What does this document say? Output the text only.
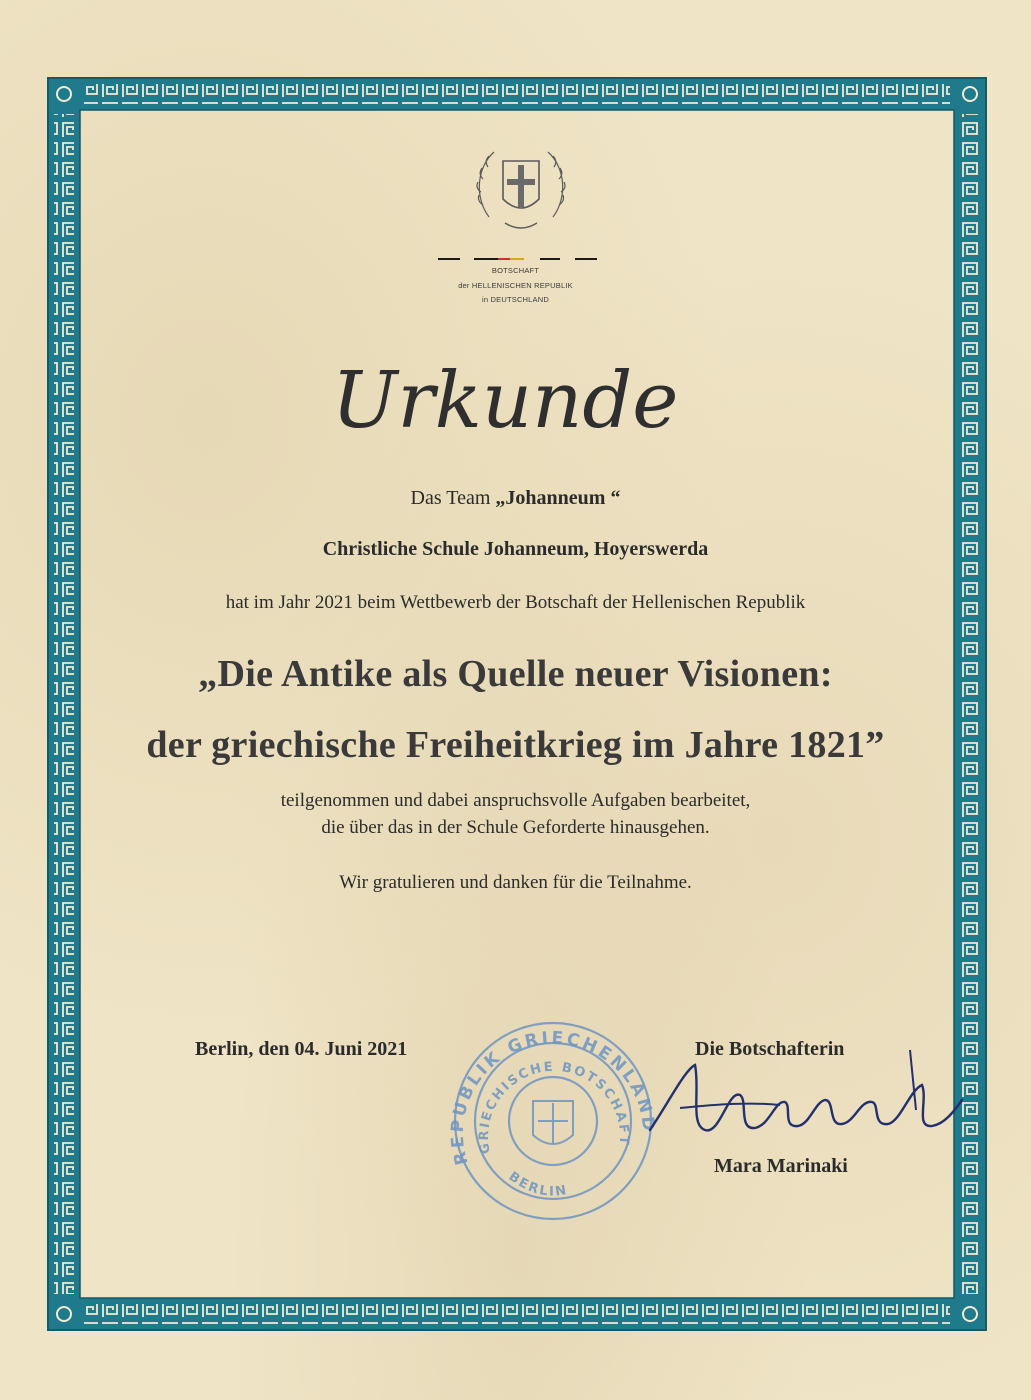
BOTSCHAFT
der HELLENISCHEN REPUBLIK
in DEUTSCHLAND
Urkunde
Das Team „Johanneum “
Christliche Schule Johanneum, Hoyerswerda
hat im Jahr 2021 beim Wettbewerb der Botschaft der Hellenischen Republik
„Die Antike als Quelle neuer Visionen:
der griechische Freiheitkrieg im Jahre 1821”
teilgenommen und dabei anspruchsvolle Aufgaben bearbeitet,
die über das in der Schule Geforderte hinausgehen.
Wir gratulieren und danken für die Teilnahme.
Berlin, den 04. Juni 2021
REPUBLIK GRIECHENLAND
GRIECHISCHE BOTSCHAFT
BERLIN
Die Botschafterin
Mara Marinaki
